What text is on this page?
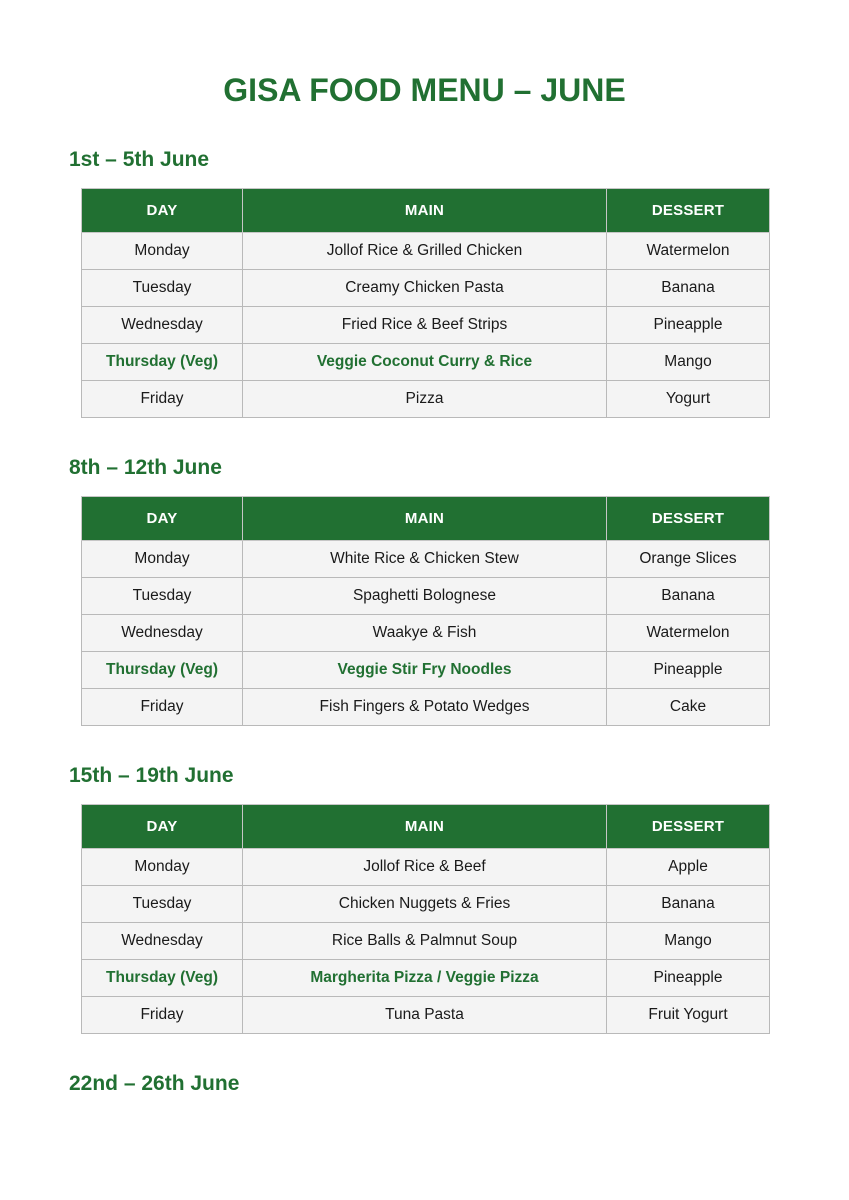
GISA FOOD MENU – JUNE
1st – 5th June
DAY	MAIN	DESSERT
Monday	Jollof Rice & Grilled Chicken	Watermelon
Tuesday	Creamy Chicken Pasta	Banana
Wednesday	Fried Rice & Beef Strips	Pineapple
Thursday (Veg)	Veggie Coconut Curry & Rice	Mango
Friday	Pizza	Yogurt
8th – 12th June
DAY	MAIN	DESSERT
Monday	White Rice & Chicken Stew	Orange Slices
Tuesday	Spaghetti Bolognese	Banana
Wednesday	Waakye & Fish	Watermelon
Thursday (Veg)	Veggie Stir Fry Noodles	Pineapple
Friday	Fish Fingers & Potato Wedges	Cake
15th – 19th June
DAY	MAIN	DESSERT
Monday	Jollof Rice & Beef	Apple
Tuesday	Chicken Nuggets & Fries	Banana
Wednesday	Rice Balls & Palmnut Soup	Mango
Thursday (Veg)	Margherita Pizza / Veggie Pizza	Pineapple
Friday	Tuna Pasta	Fruit Yogurt
22nd – 26th June
